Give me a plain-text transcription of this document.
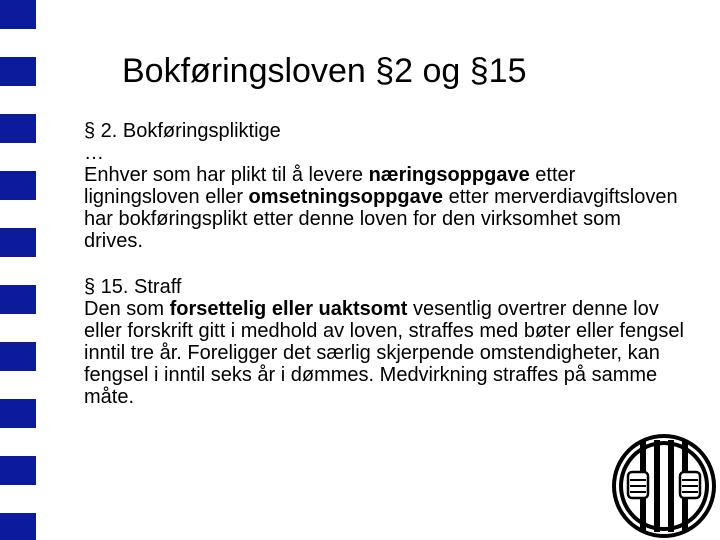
Bokføringsloven §2 og §15

§ 2. Bokføringspliktige

…

Enhver som har plikt til å levere næringsoppgave etter ligningsloven eller omsetningsoppgave etter merverdiavgiftsloven har bokføringsplikt etter denne loven for den virksomhet som drives.

§ 15. Straff

Den som forsettelig eller uaktsomt vesentlig overtrer denne lov eller forskrift gitt i medhold av loven, straffes med bøter eller fengsel inntil tre år. Foreligger det særlig skjerpende omstendigheter, kan fengsel i inntil seks år i dømmes. Medvirkning straffes på samme måte.
